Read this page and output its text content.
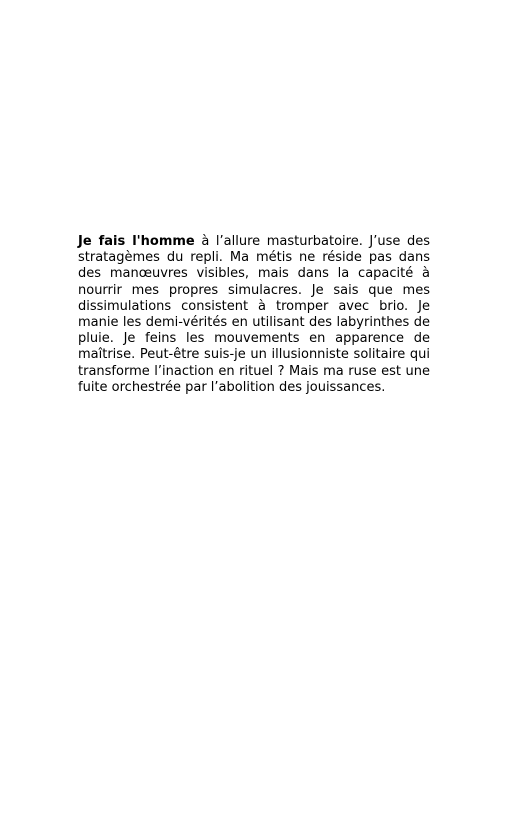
Je fais l'homme à l’allure masturbatoire. J’use des stratagèmes du repli. Ma métis ne réside pas dans des manœuvres visibles, mais dans la capacité à nourrir mes propres simulacres. Je sais que mes dissimulations consistent à tromper avec brio. Je manie les demi-vérités en utilisant des labyrinthes de pluie. Je feins les mouvements en apparence de maîtrise. Peut-être suis-je un illusionniste solitaire qui transforme l’inaction en rituel ? Mais ma ruse est une fuite orchestrée par l’abolition des jouissances.
